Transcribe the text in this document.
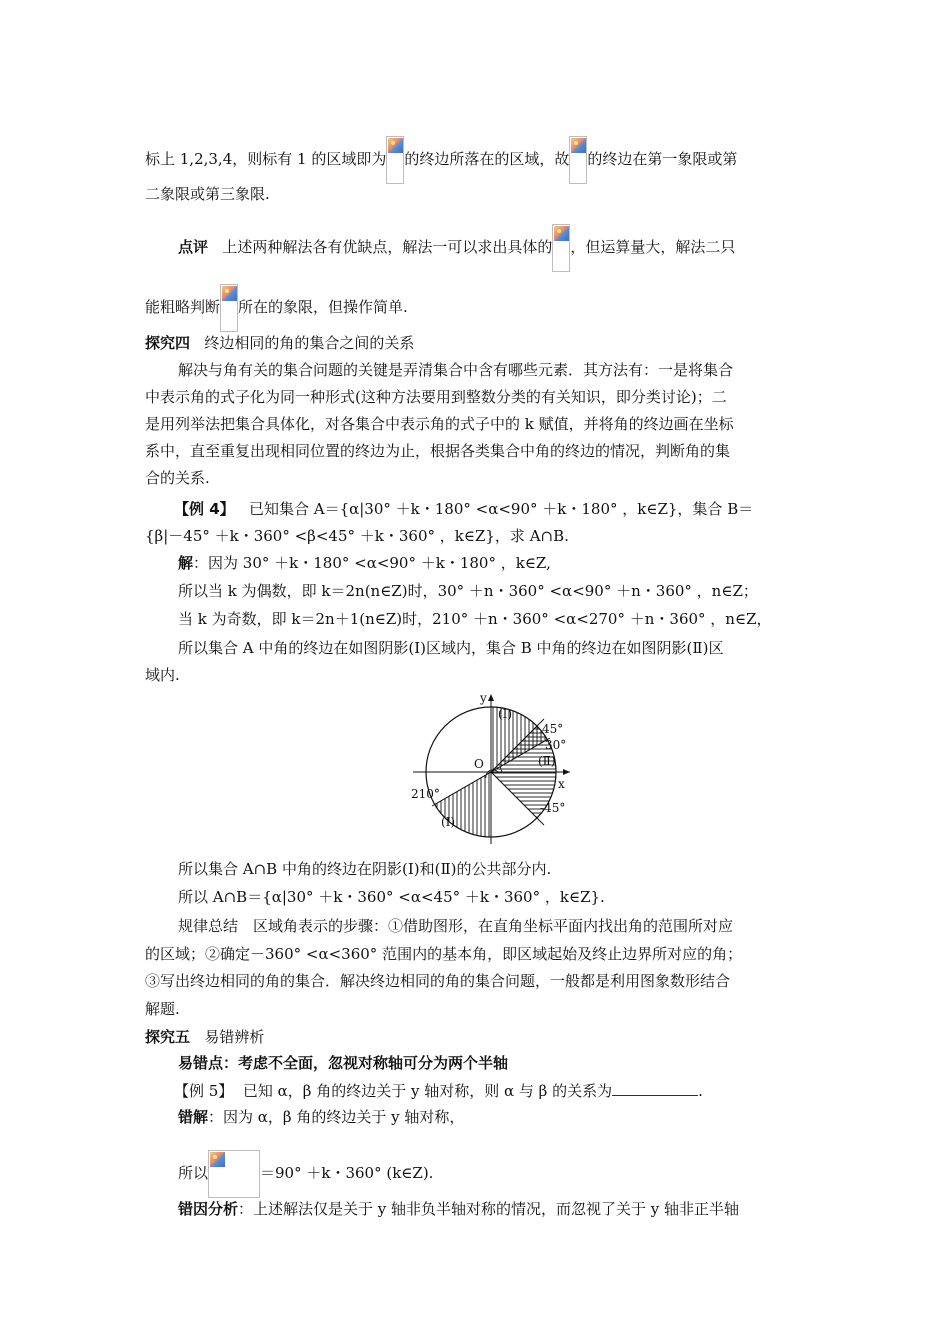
标上 1,2,3,4，则标有 1 的区域即为 的终边所落在的区域，故 的终边在第一象限或第
二象限或第三象限.
点评 上述两种解法各有优缺点，解法一可以求出具体的 ，但运算量大，解法二只
能粗略判断 所在的象限，但操作简单.
探究四 终边相同的角的集合之间的关系
解决与角有关的集合问题的关键是弄清集合中含有哪些元素．其方法有：一是将集合
中表示角的式子化为同一种形式(这种方法要用到整数分类的有关知识，即分类讨论)；二
是用列举法把集合具体化，对各集合中表示角的式子中的 k 赋值，并将角的终边画在坐标
系中，直至重复出现相同位置的终边为止，根据各类集合中角的终边的情况，判断角的集
合的关系.
【例 4】 已知集合 A＝{α|30° ＋k・180° <α<90° ＋k・180° ，k∈Z}，集合 B＝
{β|－45° ＋k・360° <β<45° ＋k・360° ，k∈Z}，求 A∩B.
解：因为 30° ＋k・180° <α<90° ＋k・180° ，k∈Z,
所以当 k 为偶数，即 k＝2n(n∈Z)时，30° ＋n・360° <α<90° ＋n・360° ，n∈Z；
当 k 为奇数，即 k＝2n＋1(n∈Z)时，210° ＋n・360° <α<270° ＋n・360° ，n∈Z，
所以集合 A 中角的终边在如图阴影(Ⅰ)区域内，集合 B 中角的终边在如图阴影(Ⅱ)区
域内.
y
x
O
(Ⅰ)
(Ⅰ)
(Ⅱ)
45°
30°
-45°
210°
所以集合 A∩B 中角的终边在阴影(Ⅰ)和(Ⅱ)的公共部分内.
所以 A∩B＝{α|30° ＋k・360° <α<45° ＋k・360° ，k∈Z}.
规律总结　区域角表示的步骤：①借助图形，在直角坐标平面内找出角的范围所对应
的区域；②确定－360° <α<360° 范围内的基本角，即区域起始及终止边界所对应的角；
③写出终边相同的角的集合．解决终边相同的角的集合问题，一般都是利用图象数形结合
解题.
探究五 易错辨析
易错点：考虑不全面，忽视对称轴可分为两个半轴
【例 5】 已知 α，β 角的终边关于 y 轴对称，则 α 与 β 的关系为	.
错解：因为 α，β 角的终边关于 y 轴对称，
所以	＝90° ＋k・360° (k∈Z).
错因分析：上述解法仅是关于 y 轴非负半轴对称的情况，而忽视了关于 y 轴非正半轴
